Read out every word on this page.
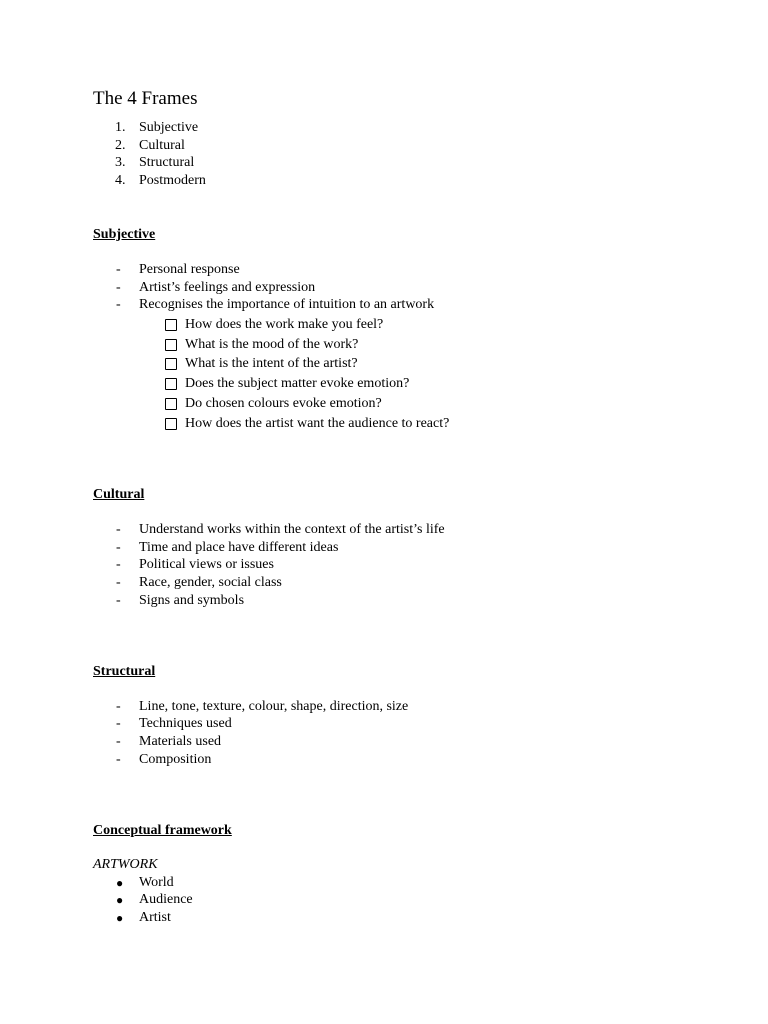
The 4 Frames
1. Subjective
2. Cultural
3. Structural
4. Postmodern
Subjective
-	Personal response
-	Artist’s feelings and expression
-	Recognises the importance of intuition to an artwork
How does the work make you feel?
What is the mood of the work?
What is the intent of the artist?
Does the subject matter evoke emotion?
Do chosen colours evoke emotion?
How does the artist want the audience to react?
Cultural
-	Understand works within the context of the artist’s life
-	Time and place have different ideas
-	Political views or issues
-	Race, gender, social class
-	Signs and symbols
Structural
-	Line, tone, texture, colour, shape, direction, size
-	Techniques used
-	Materials used
-	Composition
Conceptual framework
ARTWORK
●	World
●	Audience
●	Artist
